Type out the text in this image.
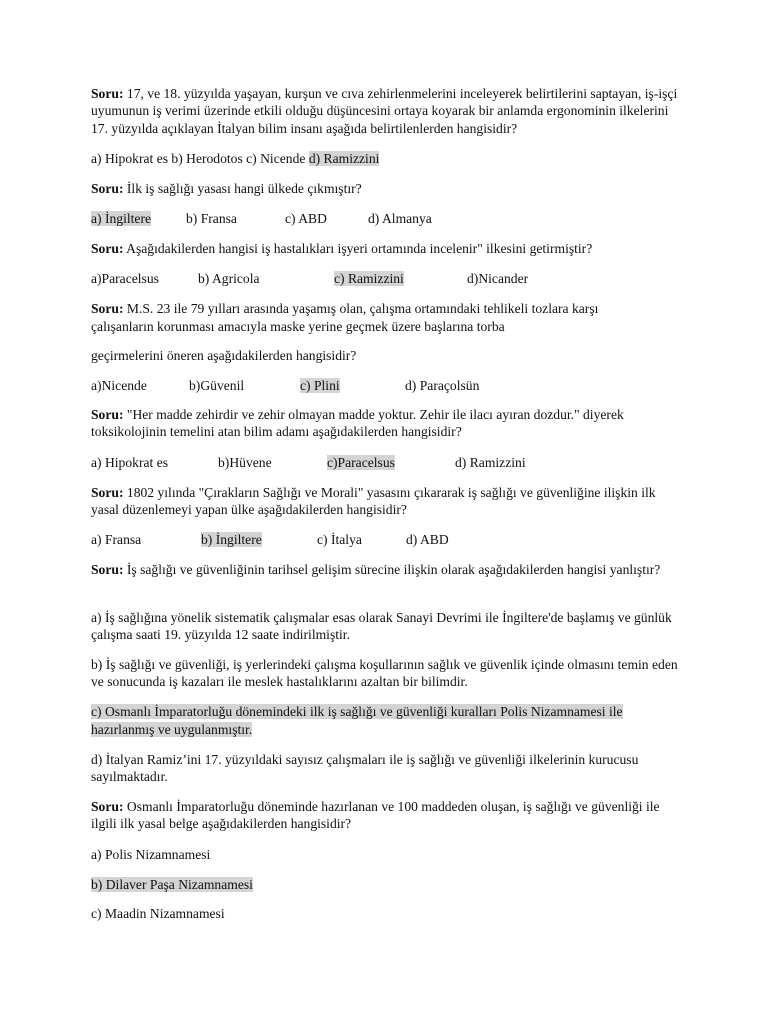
Soru: 17, ve 18. yüzyılda yaşayan, kurşun ve cıva zehirlenmelerini inceleyerek belirtilerini saptayan, iş-işçi uyumunun iş verimi üzerinde etkili olduğu düşüncesini ortaya koyarak bir anlamda ergonominin ilkelerini 17. yüzyılda açıklayan İtalyan bilim insanı aşağıda belirtilenlerden hangisidir?
a) Hipokrat es b) Herodotos c) Nicende d) Ramizzini
Soru: İlk iş sağlığı yasası hangi ülkede çıkmıştır?
a) İngiltere	b) Fransa	c) ABD	d) Almanya
Soru: Aşağıdakilerden hangisi iş hastalıkları işyeri ortamında incelenir" ilkesini getirmiştir?
a)Paracelsus	b) Agricola	c) Ramizzini	d)Nicander
Soru: M.S. 23 ile 79 yılları arasında yaşamış olan, çalışma ortamındaki tehlikeli tozlara karşı
çalışanların korunması amacıyla maske yerine geçmek üzere başlarına torba
geçirmelerini öneren aşağıdakilerden hangisidir?
a)Nicende	b)Güvenil	c) Plini	d) Paraçolsün
Soru: "Her madde zehirdir ve zehir olmayan madde yoktur. Zehir ile ilacı ayıran dozdur." diyerek toksikolojinin temelini atan bilim adamı aşağıdakilerden hangisidir?
a) Hipokrat es	b)Hüvene	c)Paracelsus	d) Ramizzini
Soru: 1802 yılında "Çırakların Sağlığı ve Morali" yasasını çıkararak iş sağlığı ve güvenliğine ilişkin ilk yasal düzenlemeyi yapan ülke aşağıdakilerden hangisidir?
a) Fransa	b) İngiltere	c) İtalya	d) ABD
Soru: İş sağlığı ve güvenliğinin tarihsel gelişim sürecine ilişkin olarak aşağıdakilerden hangisi yanlıştır?
a) İş sağlığına yönelik sistematik çalışmalar esas olarak Sanayi Devrimi ile İngiltere'de başlamış ve günlük çalışma saati 19. yüzyılda 12 saate indirilmiştir.
b) İş sağlığı ve güvenliği, iş yerlerindeki çalışma koşullarının sağlık ve güvenlik içinde olmasını temin eden ve sonucunda iş kazaları ile meslek hastalıklarını azaltan bir bilimdir.
c) Osmanlı İmparatorluğu dönemindeki ilk iş sağlığı ve güvenliği kuralları Polis Nizamnamesi ile
hazırlanmış ve uygulanmıştır.
d) İtalyan Ramiz’ini 17. yüzyıldaki sayısız çalışmaları ile iş sağlığı ve güvenliği ilkelerinin kurucusu sayılmaktadır.
Soru: Osmanlı İmparatorluğu döneminde hazırlanan ve 100 maddeden oluşan, iş sağlığı ve güvenliği ile ilgili ilk yasal belge aşağıdakilerden hangisidir?
a) Polis Nizamnamesi
b) Dilaver Paşa Nizamnamesi
c) Maadin Nizamnamesi
